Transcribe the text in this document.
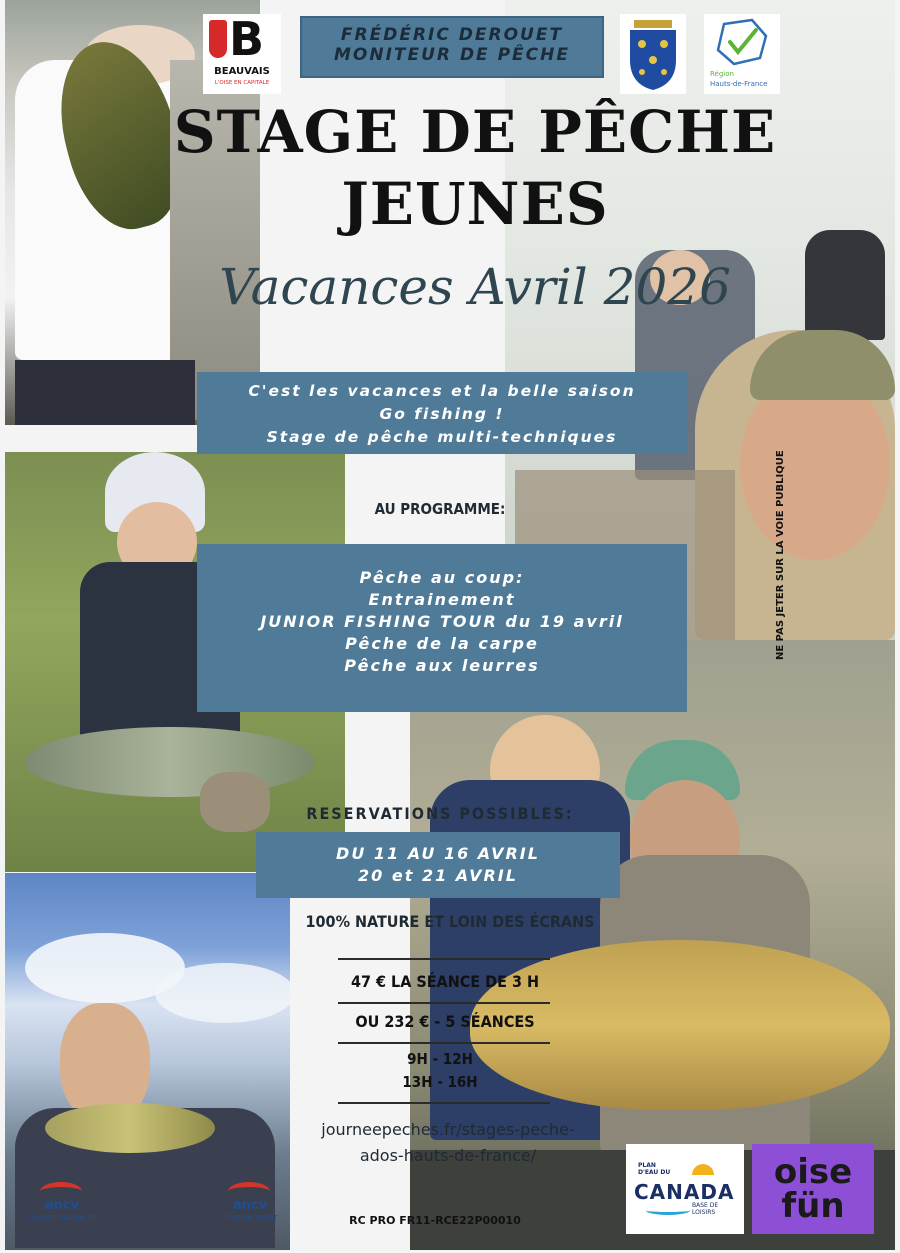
B
BEAUVAIS
L'OISE EN CAPITALE
FRÉDÉRIC DEROUET
MONITEUR DE PÊCHE
Région
Hauts-de-France
STAGE DE PÊCHE
JEUNES
Vacances Avril 2026
C'est les vacances et la belle saison
Go fishing !
Stage de pêche multi-techniques
AU PROGRAMME:
Pêche au coup:
Entrainement
JUNIOR FISHING TOUR du 19 avril
Pêche de la carpe
Pêche aux leurres
NE PAS JETER SUR LA VOIE PUBLIQUE
RESERVATIONS POSSIBLES:
DU 11 AU 16 AVRIL
20 et 21 AVRIL
100% NATURE ET LOIN DES ÉCRANS
47 € LA SÉANCE DE 3 H
OU 232 € - 5 SÉANCES
9H - 12H
13H - 16H
journeepeches.fr/stages-peche-
ados-hauts-de-france/
RC PRO FR11-RCE22P00010
ancv
CHÈQUE-VACANCES
ancv
COUPON SPORT
PLAN D'EAU DU
CANADA
BASE DE LOISIRS
oise
fün
